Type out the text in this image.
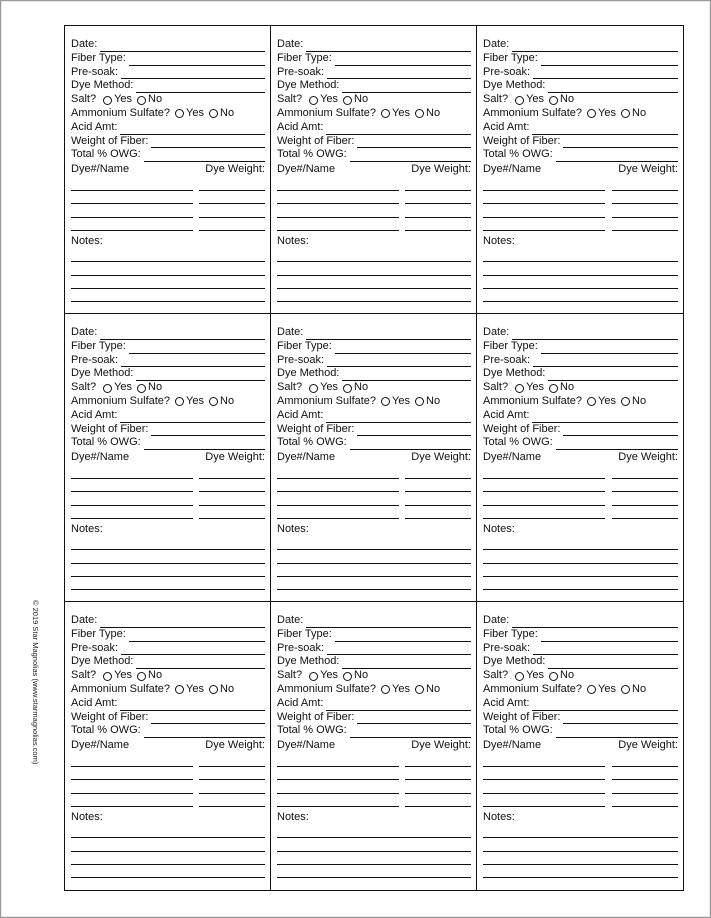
© 2019 Star Magnolias (www.starmagnolias.com)
Date:
Fiber Type:
Pre-soak:
Dye Method:
Salt? Yes No
Ammonium Sulfate? Yes No
Acid Amt:
Weight of Fiber:
Total % OWG:
Dye#/Name	Dye Weight:
Notes:
Date:
Fiber Type:
Pre-soak:
Dye Method:
Salt? Yes No
Ammonium Sulfate? Yes No
Acid Amt:
Weight of Fiber:
Total % OWG:
Dye#/Name	Dye Weight:
Notes:
Date:
Fiber Type:
Pre-soak:
Dye Method:
Salt? Yes No
Ammonium Sulfate? Yes No
Acid Amt:
Weight of Fiber:
Total % OWG:
Dye#/Name	Dye Weight:
Notes:
Date:
Fiber Type:
Pre-soak:
Dye Method:
Salt? Yes No
Ammonium Sulfate? Yes No
Acid Amt:
Weight of Fiber:
Total % OWG:
Dye#/Name	Dye Weight:
Notes:
Date:
Fiber Type:
Pre-soak:
Dye Method:
Salt? Yes No
Ammonium Sulfate? Yes No
Acid Amt:
Weight of Fiber:
Total % OWG:
Dye#/Name	Dye Weight:
Notes:
Date:
Fiber Type:
Pre-soak:
Dye Method:
Salt? Yes No
Ammonium Sulfate? Yes No
Acid Amt:
Weight of Fiber:
Total % OWG:
Dye#/Name	Dye Weight:
Notes:
Date:
Fiber Type:
Pre-soak:
Dye Method:
Salt? Yes No
Ammonium Sulfate? Yes No
Acid Amt:
Weight of Fiber:
Total % OWG:
Dye#/Name	Dye Weight:
Notes:
Date:
Fiber Type:
Pre-soak:
Dye Method:
Salt? Yes No
Ammonium Sulfate? Yes No
Acid Amt:
Weight of Fiber:
Total % OWG:
Dye#/Name	Dye Weight:
Notes:
Date:
Fiber Type:
Pre-soak:
Dye Method:
Salt? Yes No
Ammonium Sulfate? Yes No
Acid Amt:
Weight of Fiber:
Total % OWG:
Dye#/Name	Dye Weight:
Notes:
